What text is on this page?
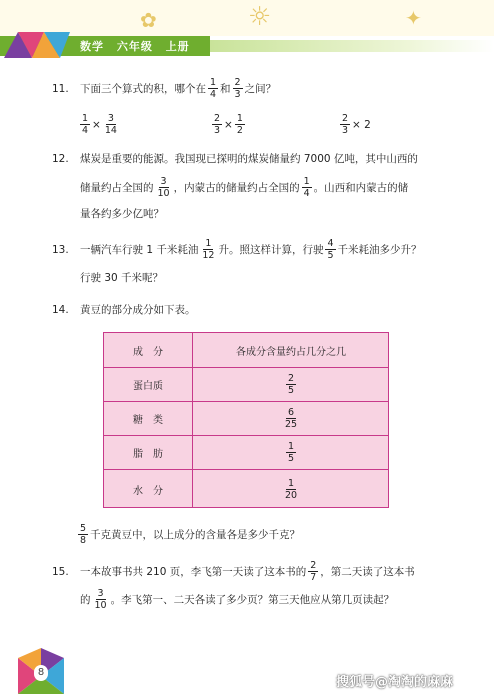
☼
✿	✦
数学 六年级 上册
11.	下面三个算式的积，哪个在 $\frac{1}{4}$ 和 $\frac{2}{3}$ 之间？
$\frac{1}{4} \times \frac{3}{14}$	$\frac{2}{3} \times \frac{1}{2}$	$\frac{2}{3} \times 2$
12. 煤炭是重要的能源。我国现已探明的煤炭储量约 7000 亿吨，其中山西的
储量约占全国的 $\frac{3}{10}$ ，内蒙古的储量约占全国的 $\frac{1}{4}$ 。山西和内蒙古的储
量各约多少亿吨？
13.	一辆汽车行驶 1 千米耗油 $\frac{1}{12}$ 升。照这样计算，行驶 $\frac{4}{5}$ 千米耗油多少升？
行驶 30 千米呢？
14. 黄豆的部分成分如下表。
成　分	各成分含量约占几分之几
蛋白质	$\frac{2}{5}$
糖　类	$\frac{6}{25}$
脂　肪	$\frac{1}{5}$
水　分	$\frac{1}{20}$
$\frac{5}{8}$ 千克黄豆中，以上成分的含量各是多少千克？
15.	一本故事书共 210 页，李飞第一天读了这本书的 $\frac{2}{7}$ ，第二天读了这本书
的 $\frac{3}{10}$ 。李飞第一、二天各读了多少页？第三天他应从第几页读起？
8
搜狐号@淘淘的麻麻
